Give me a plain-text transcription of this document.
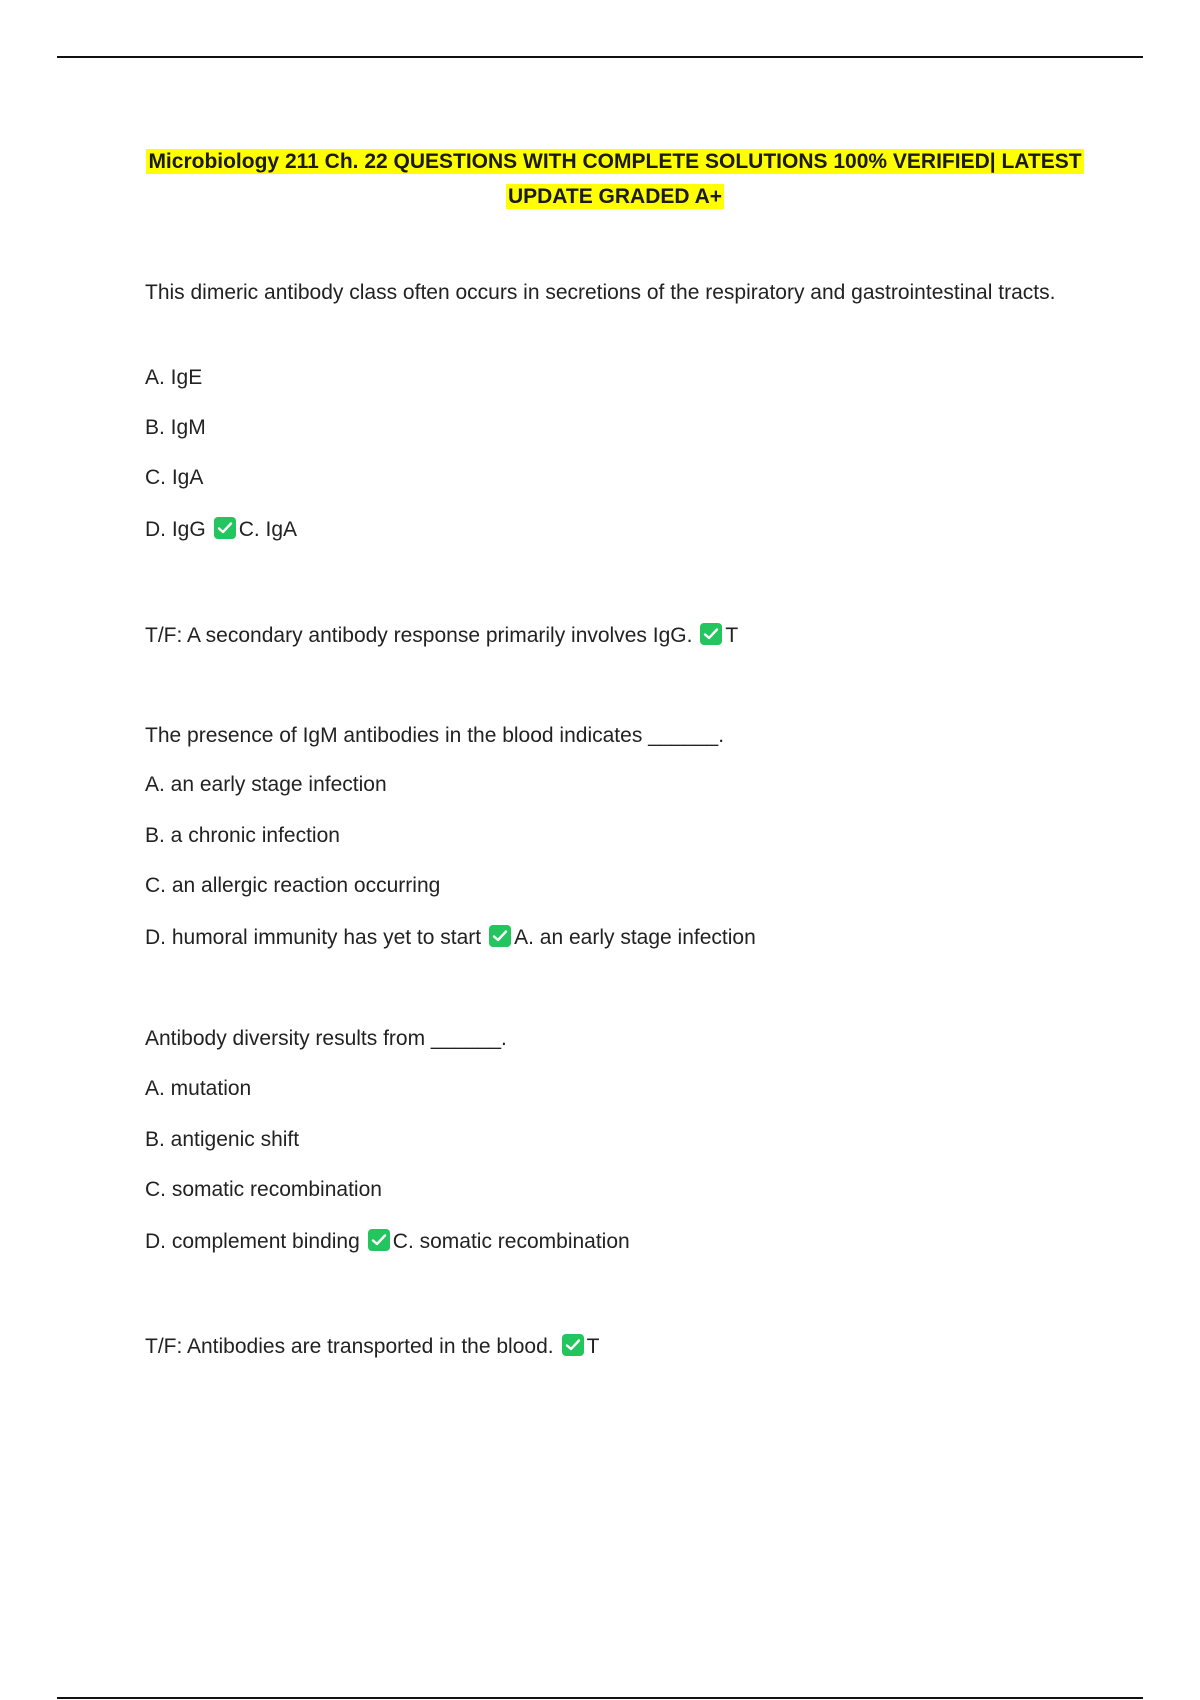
Microbiology 211 Ch. 22 QUESTIONS WITH COMPLETE SOLUTIONS 100% VERIFIED| LATEST
UPDATE GRADED A+
This dimeric antibody class often occurs in secretions of the respiratory and gastrointestinal tracts.
A. IgE
B. IgM
C. IgA
D. IgG C. IgA
T/F: A secondary antibody response primarily involves IgG. T
The presence of IgM antibodies in the blood indicates ______.
A. an early stage infection
B. a chronic infection
C. an allergic reaction occurring
D. humoral immunity has yet to start A. an early stage infection
Antibody diversity results from ______.
A. mutation
B. antigenic shift
C. somatic recombination
D. complement binding C. somatic recombination
T/F: Antibodies are transported in the blood. T
